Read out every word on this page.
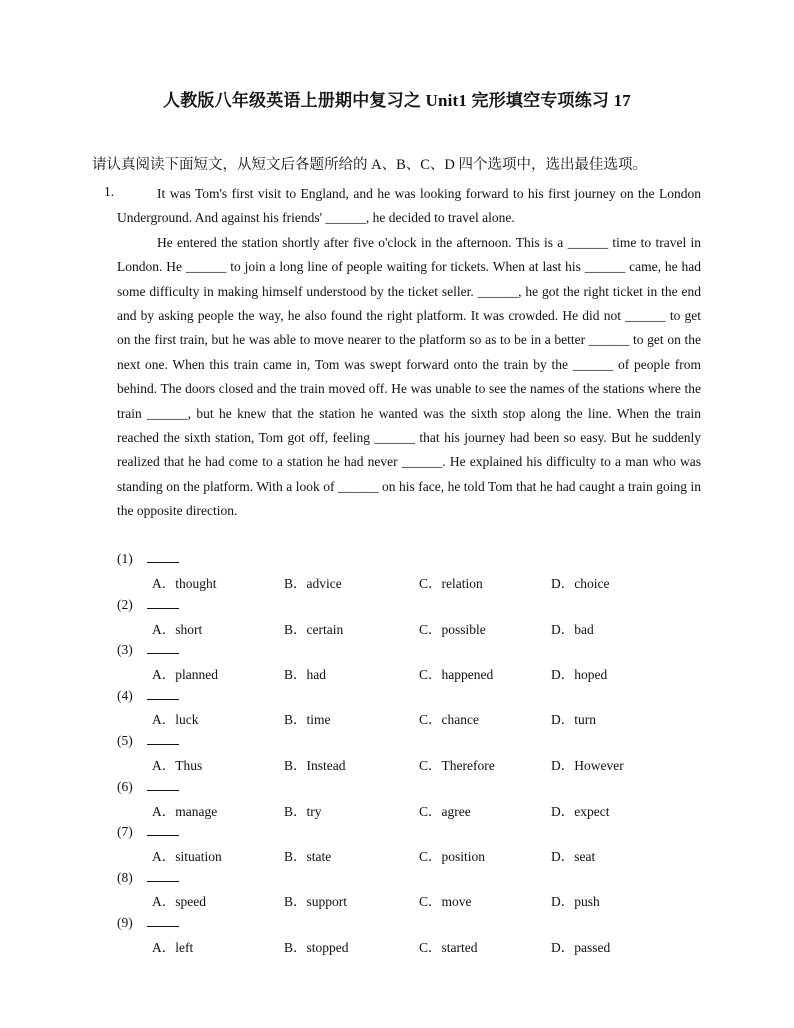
人教版八年级英语上册期中复习之 Unit1 完形填空专项练习 17
请认真阅读下面短文，从短文后各题所给的 A、B、C、D 四个选项中，选出最佳选项。
1.	It was Tom's first visit to England, and he was looking forward to his first journey on the London Underground. And against his friends' ______, he decided to travel alone.

He entered the station shortly after five o'clock in the afternoon. This is a ______ time to travel in London. He ______ to join a long line of people waiting for tickets. When at last his ______ came, he had some difficulty in making himself understood by the ticket seller. ______, he got the right ticket in the end and by asking people the way, he also found the right platform. It was crowded. He did not ______ to get on the first train, but he was able to move nearer to the platform so as to be in a better ______ to get on the next one. When this train came in, Tom was swept forward onto the train by the ______ of people from behind. The doors closed and the train moved off. He was unable to see the names of the stations where the train ______, but he knew that the station he wanted was the sixth stop along the line. When the train reached the sixth station, Tom got off, feeling ______ that his journey had been so easy. But he suddenly realized that he had come to a station he had never ______. He explained his difficulty to a man who was standing on the platform. With a look of ______ on his face, he told Tom that he had caught a train going in the opposite direction.

(1)
A．thought	B．advice	C．relation	D．choice
(2)
A．short	B．certain	C．possible	D．bad
(3)
A．planned	B．had	C．happened	D．hoped
(4)
A．luck	B．time	C．chance	D．turn
(5)
A．Thus	B．Instead	C．Therefore	D．However
(6)
A．manage	B．try	C．agree	D．expect
(7)
A．situation	B．state	C．position	D．seat
(8)
A．speed	B．support	C．move	D．push
(9)
A．left	B．stopped	C．started	D．passed
